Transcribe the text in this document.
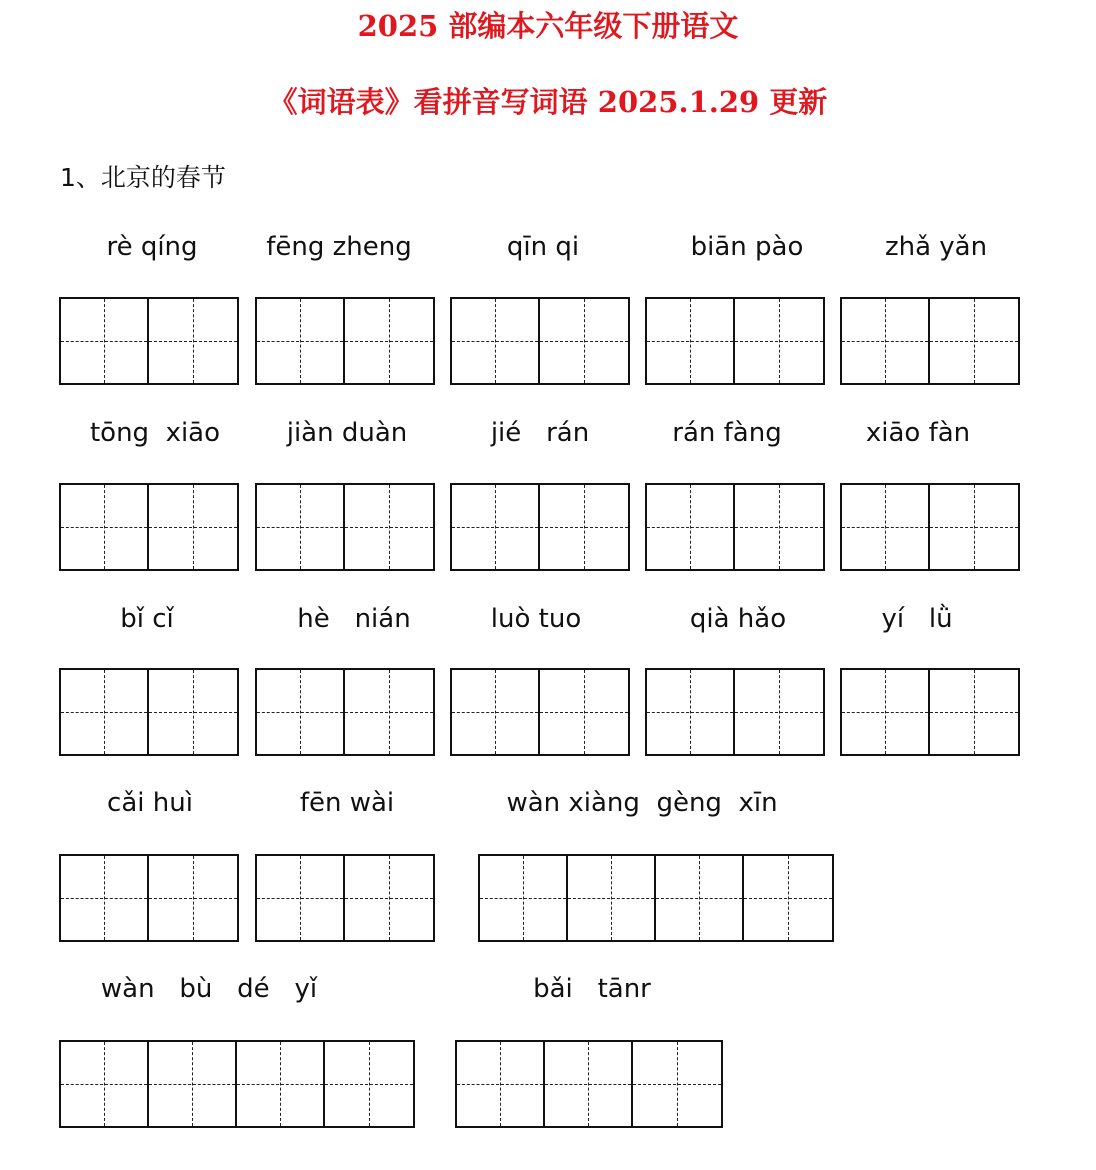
2025 部编本六年级下册语文
《词语表》看拼音写词语 2025.1.29 更新
1、北京的春节
rè qíng	fēng zheng	qīn qi	biān pào	zhǎ yǎn
tōng  xiāo	jiàn duàn	jié   rán	rán fàng	xiāo fàn
bǐ cǐ	hè   nián	luò tuo	qià hǎo	yí   lǜ
cǎi huì	fēn wài	wàn xiàng  gèng  xīn
wàn   bù   dé   yǐ	bǎi   tānr
